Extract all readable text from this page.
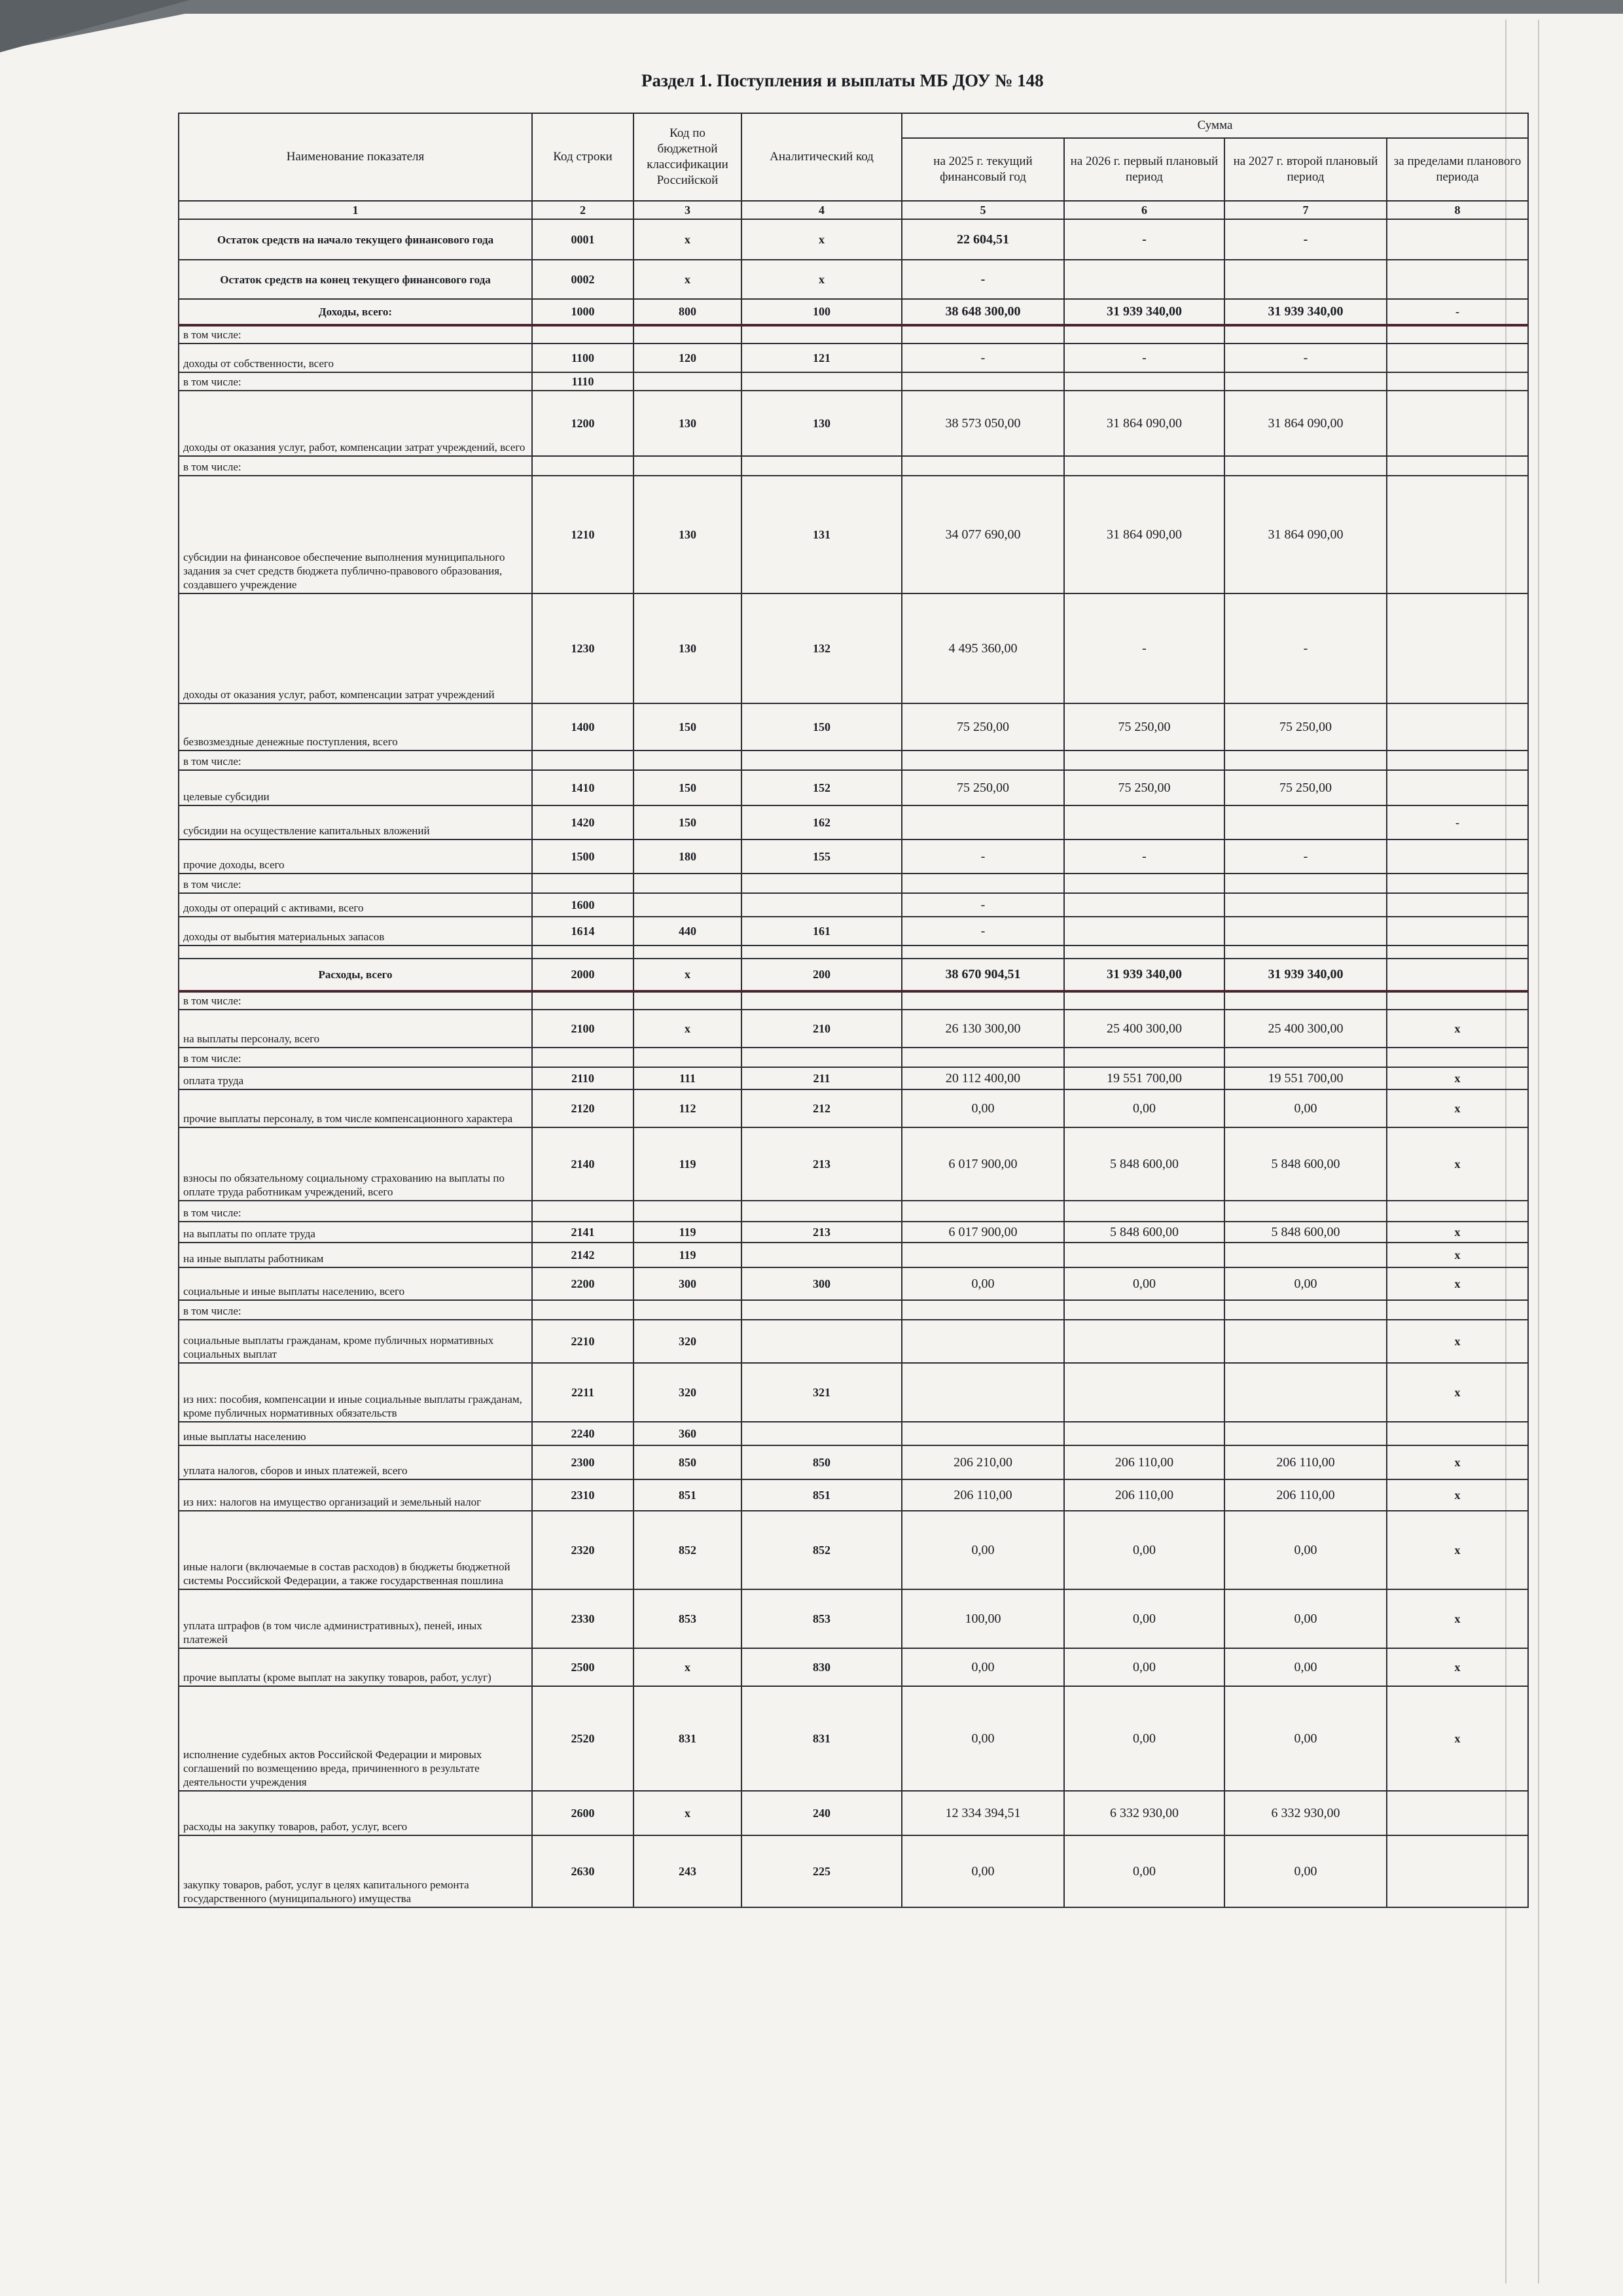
Раздел 1. Поступления и выплаты МБ ДОУ № 148
Наименование показателя	Код строки	Код по бюджетной классификации Российской	Аналитический код	Сумма			
				на 2025 г. текущий финансовый год	на 2026 г. первый плановый период	на 2027 г. второй плановый период	за пределами планового периода
1	2	3	4	5	6	7	8
Остаток средств на начало текущего финансового года	0001	x	x	22 604,51	-	-	
Остаток средств на конец текущего финансового года	0002	x	x	-			
Доходы, всего:	1000	800	100	38 648 300,00	31 939 340,00	31 939 340,00	-
в том числе:							
доходы от собственности, всего	1100	120	121	-	-	-	
в том числе:	1110						
доходы от оказания услуг, работ, компенсации затрат учреждений, всего	1200	130	130	38 573 050,00	31 864 090,00	31 864 090,00	
в том числе:							
субсидии на финансовое обеспечение выполнения муниципального задания за счет средств бюджета публично-правового образования, создавшего учреждение	1210	130	131	34 077 690,00	31 864 090,00	31 864 090,00	
доходы от оказания услуг, работ, компенсации затрат учреждений	1230	130	132	4 495 360,00	-	-	
безвозмездные денежные поступления, всего	1400	150	150	75 250,00	75 250,00	75 250,00	
в том числе:							
целевые субсидии	1410	150	152	75 250,00	75 250,00	75 250,00	
субсидии на осуществление капитальных вложений	1420	150	162				-
прочие доходы, всего	1500	180	155	-	-	-	
в том числе:							
доходы от операций с активами, всего	1600			-			
доходы от выбытия материальных запасов	1614	440	161	-			

Расходы, всего	2000	x	200	38 670 904,51	31 939 340,00	31 939 340,00	
в том числе:							
на выплаты персоналу, всего	2100	x	210	26 130 300,00	25 400 300,00	25 400 300,00	x
в том числе:							
оплата труда	2110	111	211	20 112 400,00	19 551 700,00	19 551 700,00	x
прочие выплаты персоналу, в том числе компенсационного характера	2120	112	212	0,00	0,00	0,00	x
взносы по обязательному социальному страхованию на выплаты по оплате труда работникам учреждений, всего	2140	119	213	6 017 900,00	5 848 600,00	5 848 600,00	x
в том числе:							
на выплаты по оплате труда	2141	119	213	6 017 900,00	5 848 600,00	5 848 600,00	x
на иные выплаты работникам	2142	119					x
социальные и иные выплаты населению, всего	2200	300	300	0,00	0,00	0,00	x
в том числе:							
социальные выплаты гражданам, кроме публичных нормативных социальных выплат	2210	320					x
из них: пособия, компенсации и иные социальные выплаты гражданам, кроме публичных нормативных обязательств	2211	320	321				x
иные выплаты населению	2240	360					
уплата налогов, сборов и иных платежей, всего	2300	850	850	206 210,00	206 110,00	206 110,00	x
из них: налогов на имущество организаций и земельный налог	2310	851	851	206 110,00	206 110,00	206 110,00	x
иные налоги (включаемые в состав расходов) в бюджеты бюджетной системы Российской Федерации, а также государственная пошлина	2320	852	852	0,00	0,00	0,00	x
уплата штрафов (в том числе административных), пеней, иных платежей	2330	853	853	100,00	0,00	0,00	x
прочие выплаты (кроме выплат на закупку товаров, работ, услуг)	2500	x	830	0,00	0,00	0,00	x
исполнение судебных актов Российской Федерации и мировых соглашений по возмещению вреда, причиненного в результате деятельности учреждения	2520	831	831	0,00	0,00	0,00	x
расходы на закупку товаров, работ, услуг, всего	2600	x	240	12 334 394,51	6 332 930,00	6 332 930,00	
закупку товаров, работ, услуг в целях капитального ремонта государственного (муниципального) имущества	2630	243	225	0,00	0,00	0,00	
